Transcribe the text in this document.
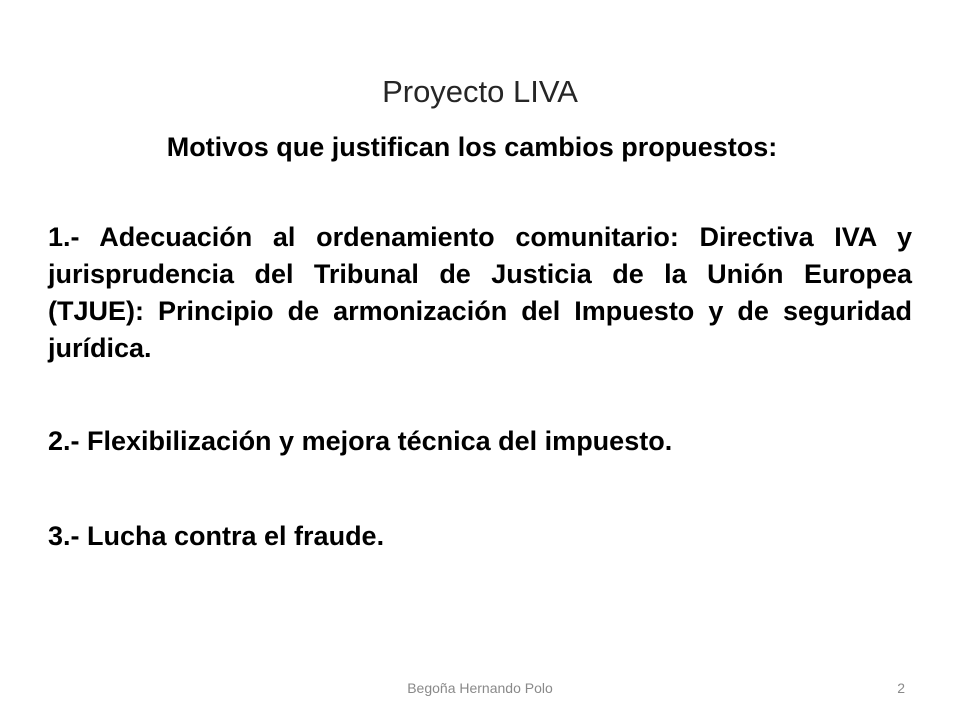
Proyecto LIVA
Motivos que justifican los cambios propuestos:
1.- Adecuación al ordenamiento comunitario: Directiva IVA y
jurisprudencia del Tribunal de Justicia de la Unión Europea
(TJUE): Principio de armonización del Impuesto y de seguridad
jurídica.
2.- Flexibilización y mejora técnica del impuesto.
3.- Lucha contra el fraude.
Begoña Hernando Polo	2
